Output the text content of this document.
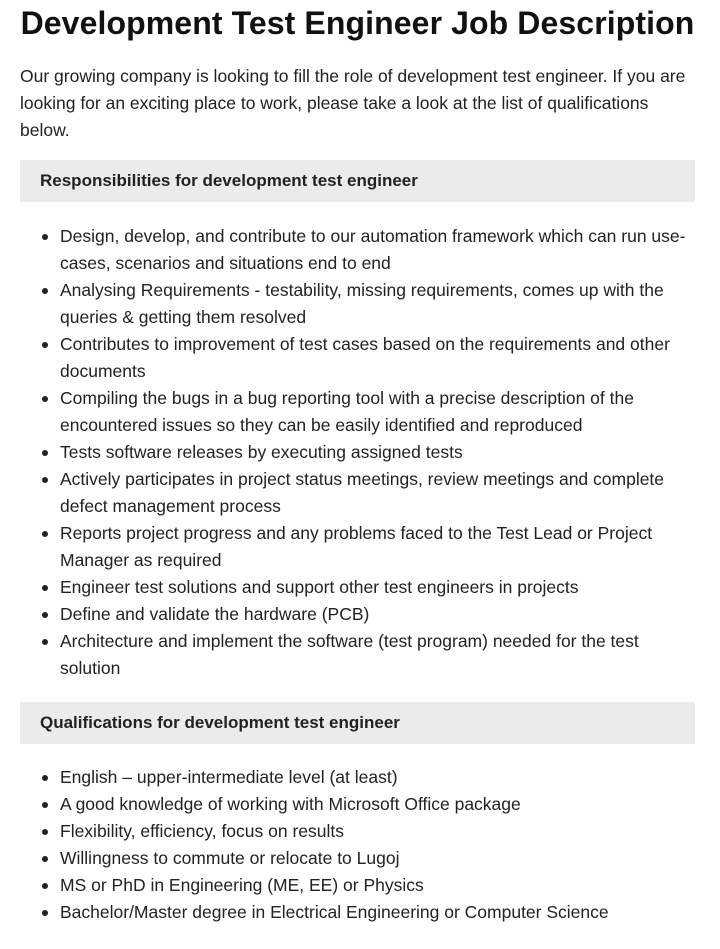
Development Test Engineer Job Description

Our growing company is looking to fill the role of development test engineer. If you are looking for an exciting place to work, please take a look at the list of qualifications below.

Responsibilities for development test engineer
Design, develop, and contribute to our automation framework which can run use-cases, scenarios and situations end to end
Analysing Requirements - testability, missing requirements, comes up with the queries & getting them resolved
Contributes to improvement of test cases based on the requirements and other documents
Compiling the bugs in a bug reporting tool with a precise description of the encountered issues so they can be easily identified and reproduced
Tests software releases by executing assigned tests
Actively participates in project status meetings, review meetings and complete defect management process
Reports project progress and any problems faced to the Test Lead or Project Manager as required
Engineer test solutions and support other test engineers in projects
Define and validate the hardware (PCB)
Architecture and implement the software (test program) needed for the test solution
Qualifications for development test engineer
English – upper-intermediate level (at least)
A good knowledge of working with Microsoft Office package
Flexibility, efficiency, focus on results
Willingness to commute or relocate to Lugoj
MS or PhD in Engineering (ME, EE) or Physics
Bachelor/Master degree in Electrical Engineering or Computer Science
